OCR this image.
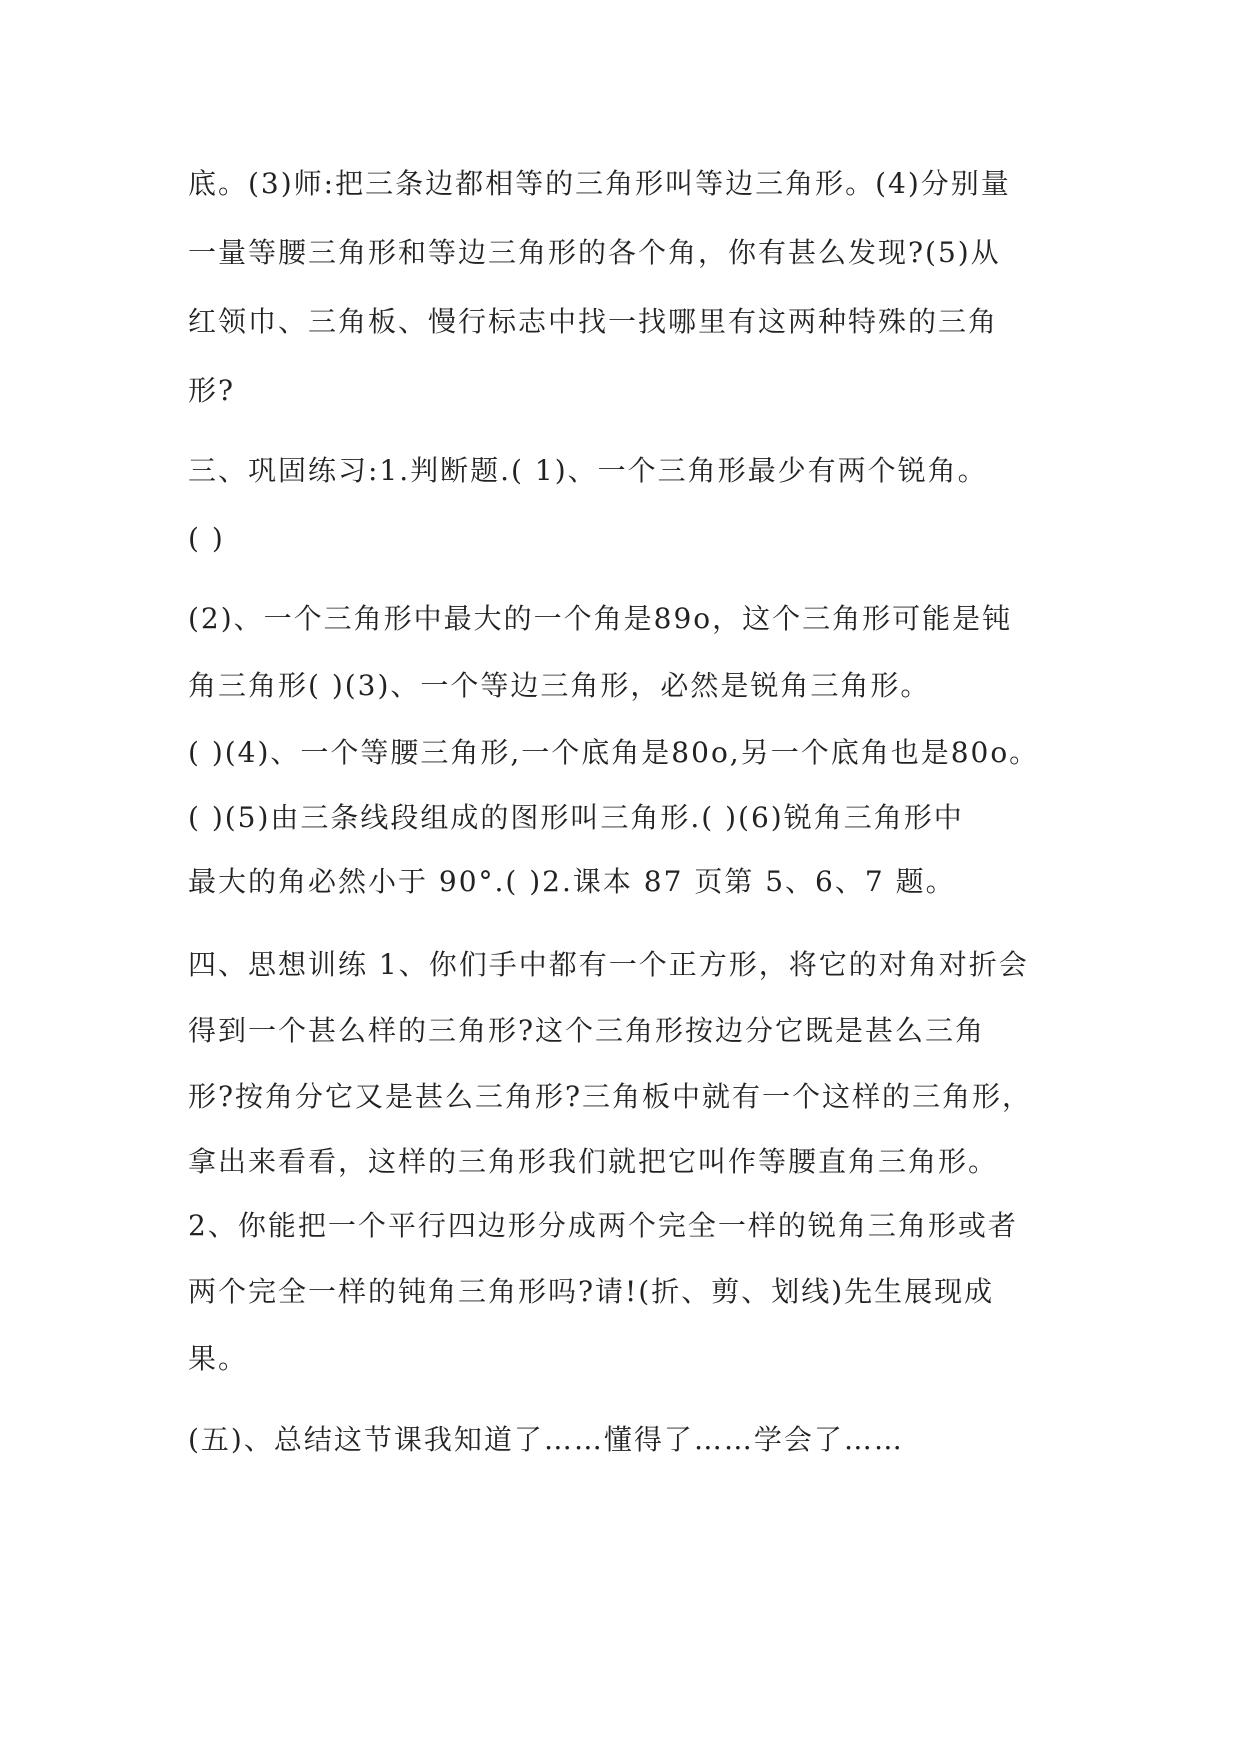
底。(3)师:把三条边都相等的三角形叫等边三角形。(4)分别量
一量等腰三角形和等边三角形的各个角，你有甚么发现?(5)从
红领巾、三角板、慢行标志中找一找哪里有这两种特殊的三角
形?
三、巩固练习:1.判断题.( 1)、一个三角形最少有两个锐角。
( )
(2)、一个三角形中最大的一个角是89o，这个三角形可能是钝
角三角形( )(3)、一个等边三角形，必然是锐角三角形。
( )(4)、一个等腰三角形,一个底角是80o,另一个底角也是80o。
( )(5)由三条线段组成的图形叫三角形.( )(6)锐角三角形中
最大的角必然小于 90°.( )2.课本 87 页第 5、6、7 题。
四、思想训练 1、你们手中都有一个正方形，将它的对角对折会
得到一个甚么样的三角形?这个三角形按边分它既是甚么三角
形?按角分它又是甚么三角形?三角板中就有一个这样的三角形，
拿出来看看，这样的三角形我们就把它叫作等腰直角三角形。
2、你能把一个平行四边形分成两个完全一样的锐角三角形或者
两个完全一样的钝角三角形吗?请!(折、剪、划线)先生展现成
果。
(五)、总结这节课我知道了……懂得了……学会了……
